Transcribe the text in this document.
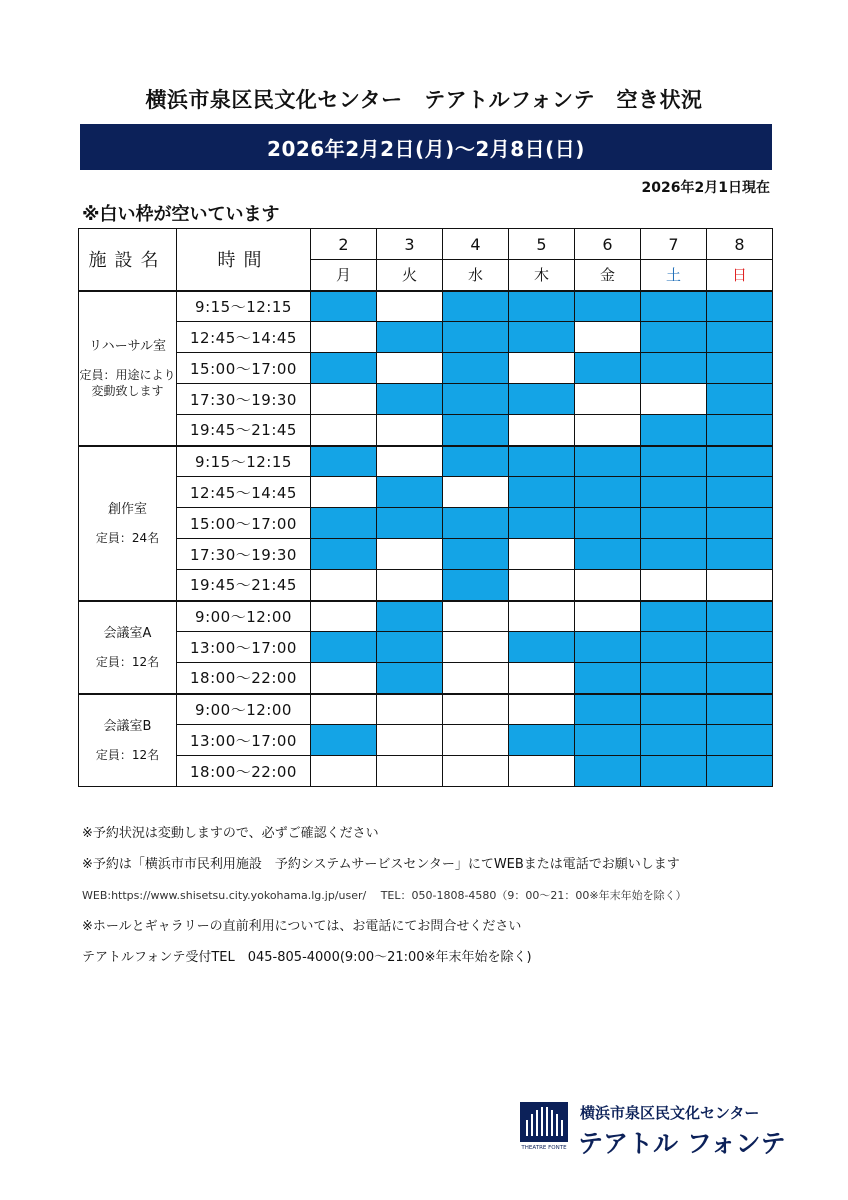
横浜市泉区民文化センター　テアトルフォンテ　空き状況
2026年2月2日(月)～2月8日(日)
2026年2月1日現在
※白い枠が空いています
施設名	時間	2	3	4	5	6	7	8
		月	火	水	木	金	土	日

リハーサル室
定員：用途により
変動致します	9:15～12:15							
	12:45～14:45							
	15:00～17:00							
	17:30～19:30							
	19:45～21:45							

創作室
定員：24名	9:15～12:15							
	12:45～14:45							
	15:00～17:00							
	17:30～19:30							
	19:45～21:45							

会議室A
定員：12名	9:00～12:00							
	13:00～17:00							
	18:00～22:00							

会議室B
定員：12名	9:00～12:00							
	13:00～17:00							
	18:00～22:00							

※予約状況は変動しますので、必ずご確認ください

※予約は「横浜市市民利用施設　予約システムサービスセンター」にてWEBまたは電話でお願いします

WEB:https://www.shisetsu.city.yokohama.lg.jp/user/　 TEL：050-1808-4580（9：00～21：00※年末年始を除く）

※ホールとギャラリーの直前利用については、お電話にてお問合せください

テアトルフォンテ受付TEL　045-805-4000(9:00～21:00※年末年始を除く)

THEATRE FONTE
横浜市泉区民文化センター
テアトル フォンテ
